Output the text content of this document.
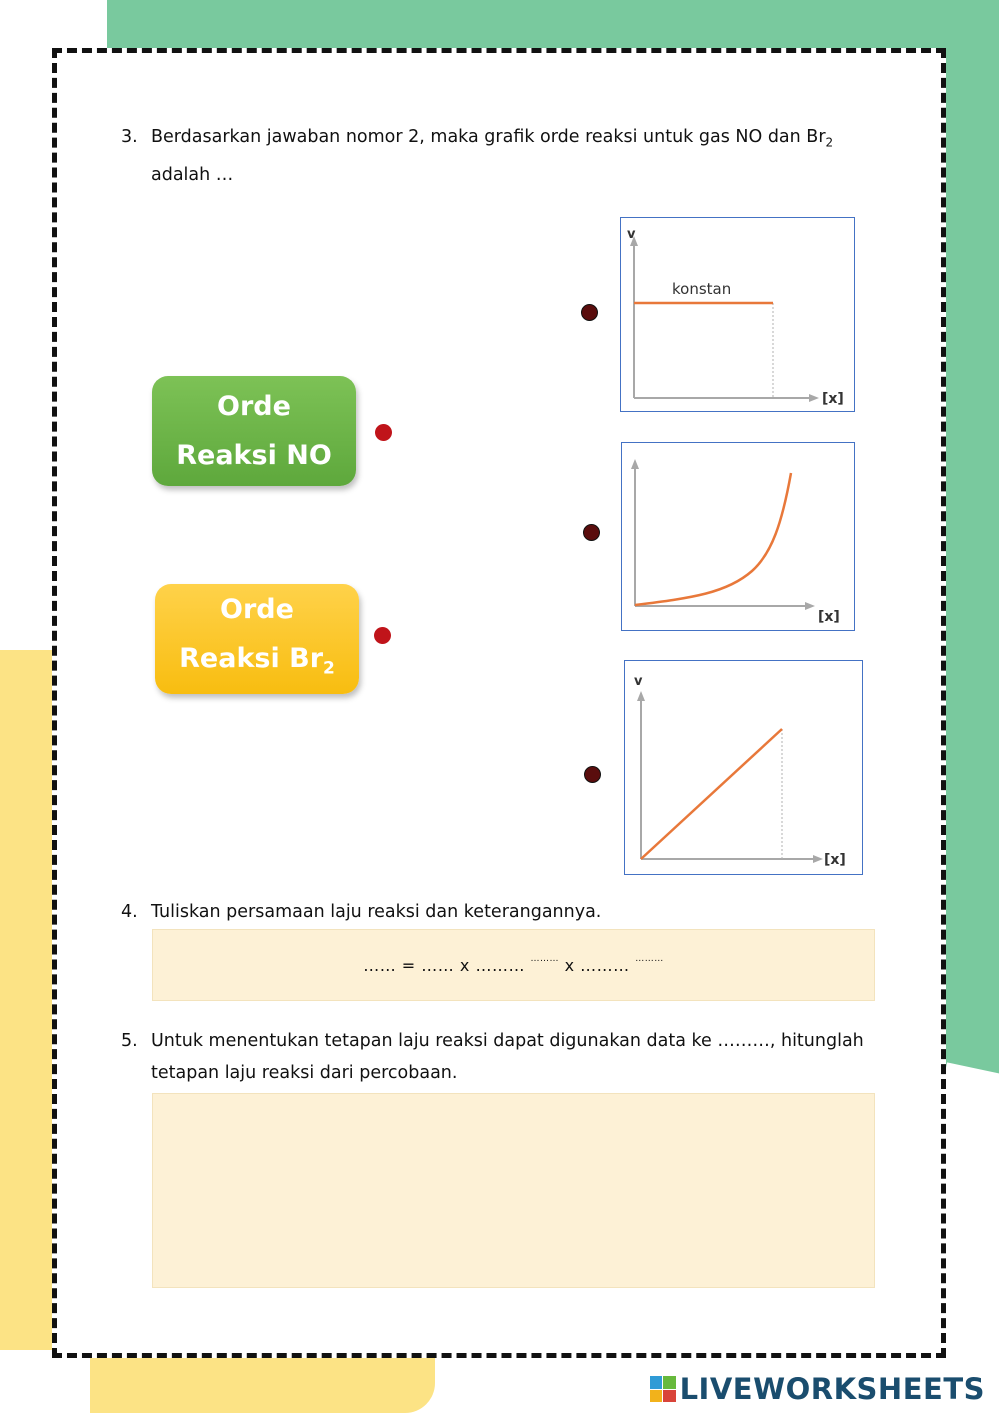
3. Berdasarkan jawaban nomor 2, maka grafik orde reaksi untuk gas NO dan $Br_2$
adalah …
Orde
Reaksi NO
Orde
Reaksi $Br_2$
v
[x]
konstan
[x]
v
[x]
4. Tuliskan persamaan laju reaksi dan keterangannya.
…… = …… x ……… ……… x ……… ………
5. Untuk menentukan tetapan laju reaksi dapat digunakan data ke ………, hitunglah
tetapan laju reaksi dari percobaan.
LIVEWORKSHEETS
